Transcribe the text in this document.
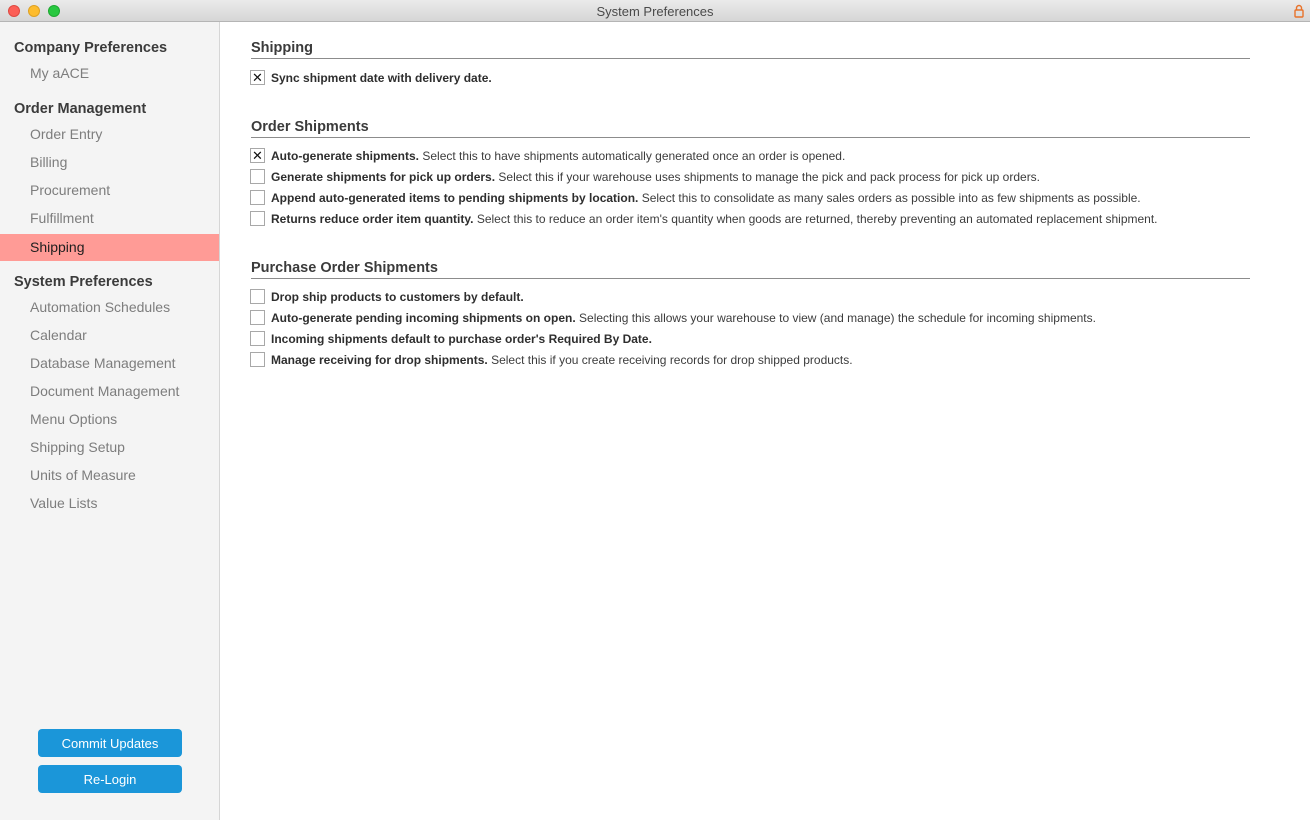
System Preferences
Company Preferences
My aACE
Order Management
Order Entry
Billing
Procurement
Fulfillment
Shipping
System Preferences
Automation Schedules
Calendar
Database Management
Document Management
Menu Options
Shipping Setup
Units of Measure
Value Lists
Commit Updates
Re-Login
Shipping
✕ Sync shipment date with delivery date.
Order Shipments
✕ Auto-generate shipments. Select this to have shipments automatically generated once an order is opened.
Generate shipments for pick up orders. Select this if your warehouse uses shipments to manage the pick and pack process for pick up orders.
Append auto-generated items to pending shipments by location. Select this to consolidate as many sales orders as possible into as few shipments as possible.
Returns reduce order item quantity. Select this to reduce an order item's quantity when goods are returned, thereby preventing an automated replacement shipment.
Purchase Order Shipments
Drop ship products to customers by default.
Auto-generate pending incoming shipments on open. Selecting this allows your warehouse to view (and manage) the schedule for incoming shipments.
Incoming shipments default to purchase order's Required By Date.
Manage receiving for drop shipments. Select this if you create receiving records for drop shipped products.
